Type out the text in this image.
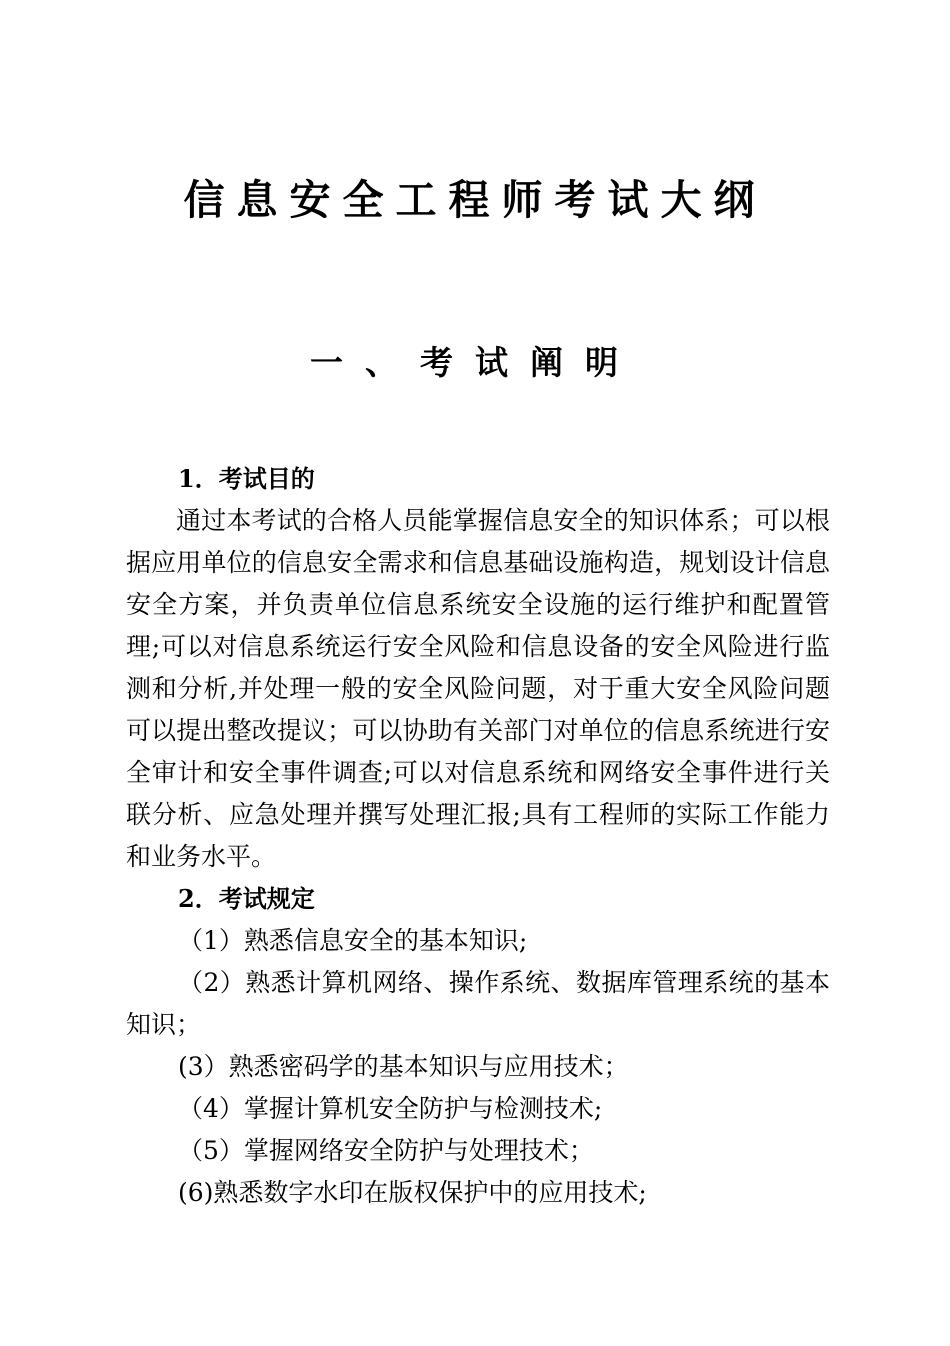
信息安全工程师考试大纲
一、考试阐明

1．考试目的

通过本考试的合格人员能掌握信息安全的知识体系；可以根据应用单位的信息安全需求和信息基础设施构造，规划设计信息安全方案，并负责单位信息系统安全设施的运行维护和配置管理;可以对信息系统运行安全风险和信息设备的安全风险进行监测和分析,并处理一般的安全风险问题，对于重大安全风险问题可以提出整改提议；可以协助有关部门对单位的信息系统进行安全审计和安全事件调查;可以对信息系统和网络安全事件进行关联分析、应急处理并撰写处理汇报;具有工程师的实际工作能力和业务水平。

2．考试规定

（1）熟悉信息安全的基本知识;

（2）熟悉计算机网络、操作系统、数据库管理系统的基本知识；

(3）熟悉密码学的基本知识与应用技术；

（4）掌握计算机安全防护与检测技术;

（5）掌握网络安全防护与处理技术；

(6)熟悉数字水印在版权保护中的应用技术;
